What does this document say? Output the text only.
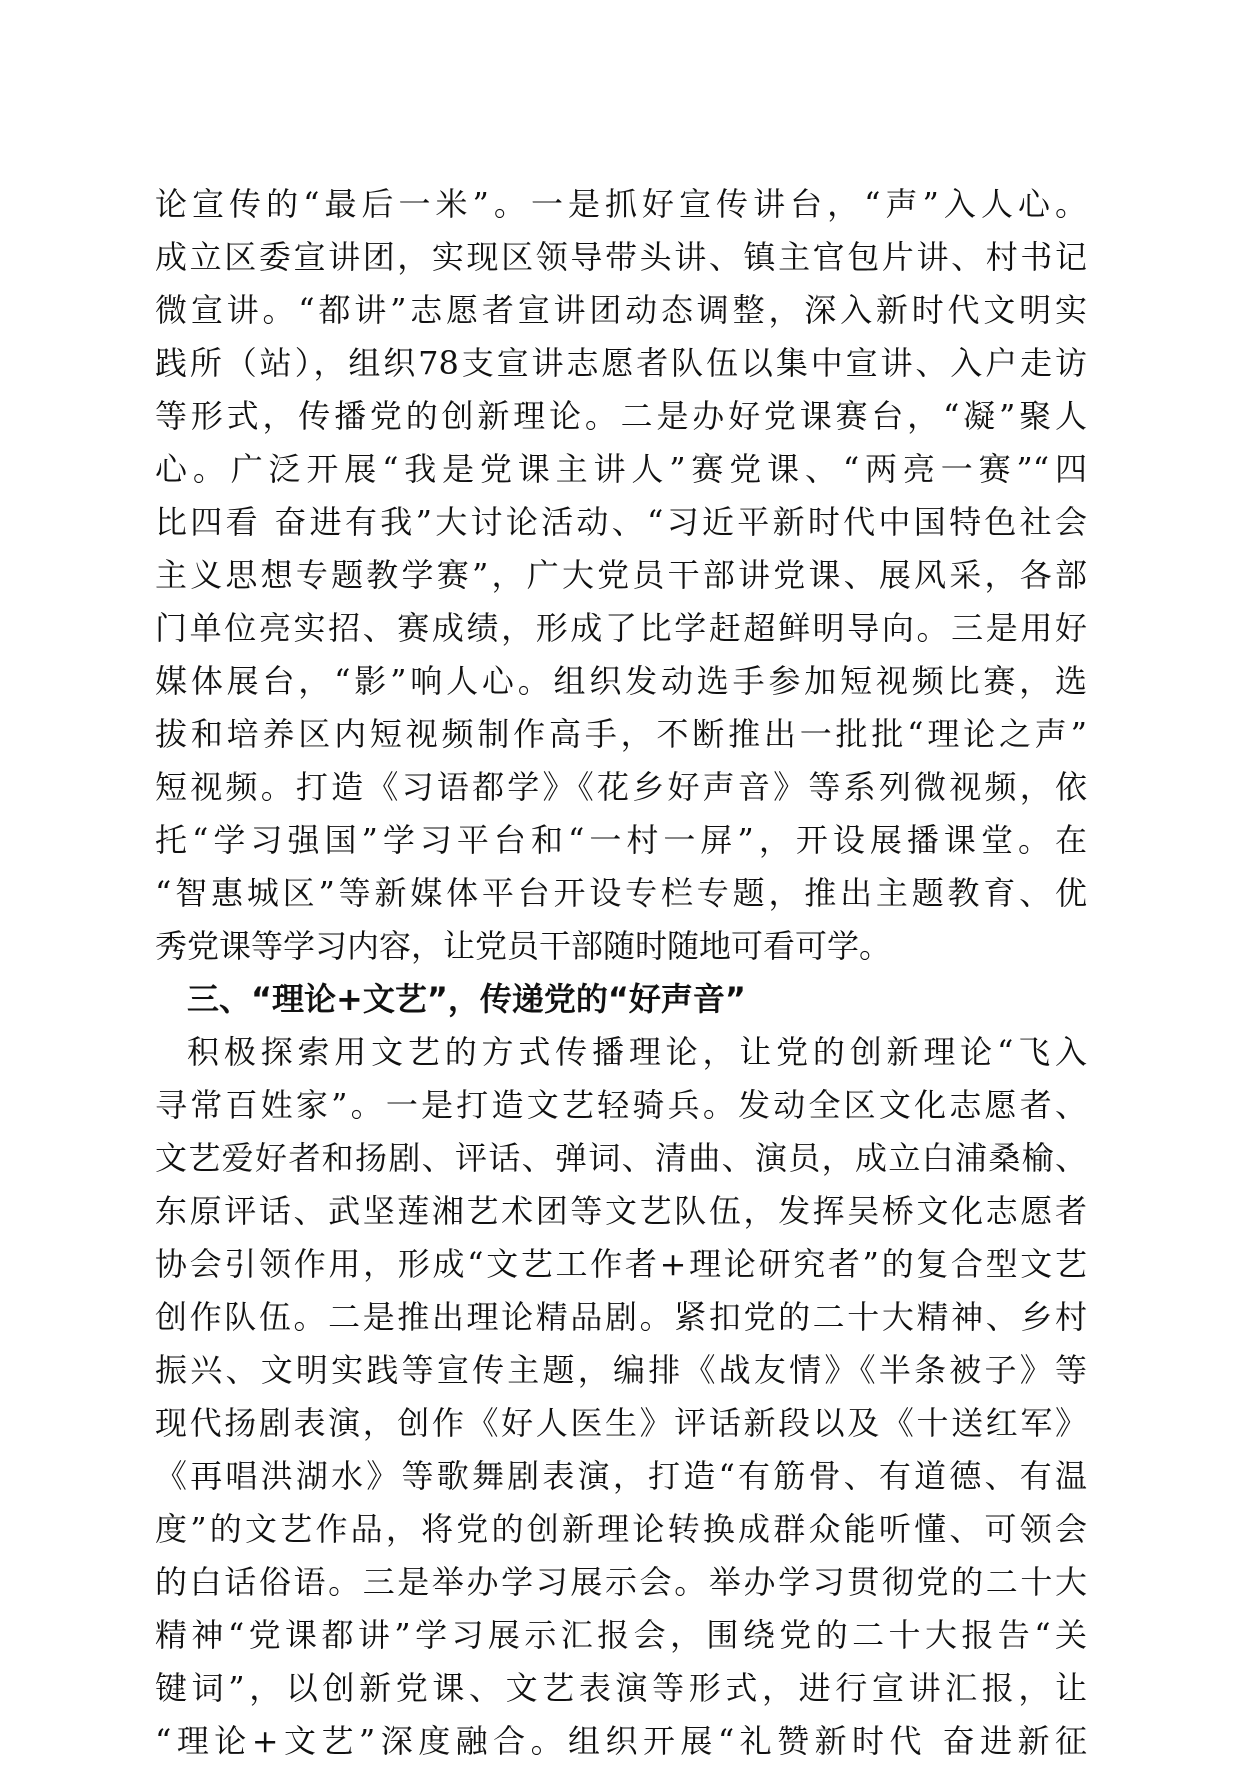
论宣传的“最后一米”。一是抓好宣传讲台，“声”入人心。
成立区委宣讲团，实现区领导带头讲、镇主官包片讲、村书记
微宣讲。“都讲”志愿者宣讲团动态调整，深入新时代文明实
践所（站），组织78支宣讲志愿者队伍以集中宣讲、入户走访
等形式，传播党的创新理论。二是办好党课赛台，“凝”聚人
心。广泛开展“我是党课主讲人”赛党课、“两亮一赛”“四
比四看 奋进有我”大讨论活动、“习近平新时代中国特色社会
主义思想专题教学赛”，广大党员干部讲党课、展风采，各部
门单位亮实招、赛成绩，形成了比学赶超鲜明导向。三是用好
媒体展台，“影”响人心。组织发动选手参加短视频比赛，选
拔和培养区内短视频制作高手，不断推出一批批“理论之声”
短视频。打造《习语都学》《花乡好声音》等系列微视频，依
托“学习强国”学习平台和“一村一屏”，开设展播课堂。在
“智惠城区”等新媒体平台开设专栏专题，推出主题教育、优
秀党课等学习内容，让党员干部随时随地可看可学。
三、“理论+文艺”，传递党的“好声音”
积极探索用文艺的方式传播理论，让党的创新理论“飞入
寻常百姓家”。一是打造文艺轻骑兵。发动全区文化志愿者、
文艺爱好者和扬剧、评话、弹词、清曲、演员，成立白浦桑榆、
东原评话、武坚莲湘艺术团等文艺队伍，发挥吴桥文化志愿者
协会引领作用，形成“文艺工作者+理论研究者”的复合型文艺
创作队伍。二是推出理论精品剧。紧扣党的二十大精神、乡村
振兴、文明实践等宣传主题，编排《战友情》《半条被子》等
现代扬剧表演，创作《好人医生》评话新段以及《十送红军》
《再唱洪湖水》等歌舞剧表演，打造“有筋骨、有道德、有温
度”的文艺作品，将党的创新理论转换成群众能听懂、可领会
的白话俗语。三是举办学习展示会。举办学习贯彻党的二十大
精神“党课都讲”学习展示汇报会，围绕党的二十大报告“关
键词”，以创新党课、文艺表演等形式，进行宣讲汇报，让
“理论+文艺”深度融合。组织开展“礼赞新时代 奋进新征
